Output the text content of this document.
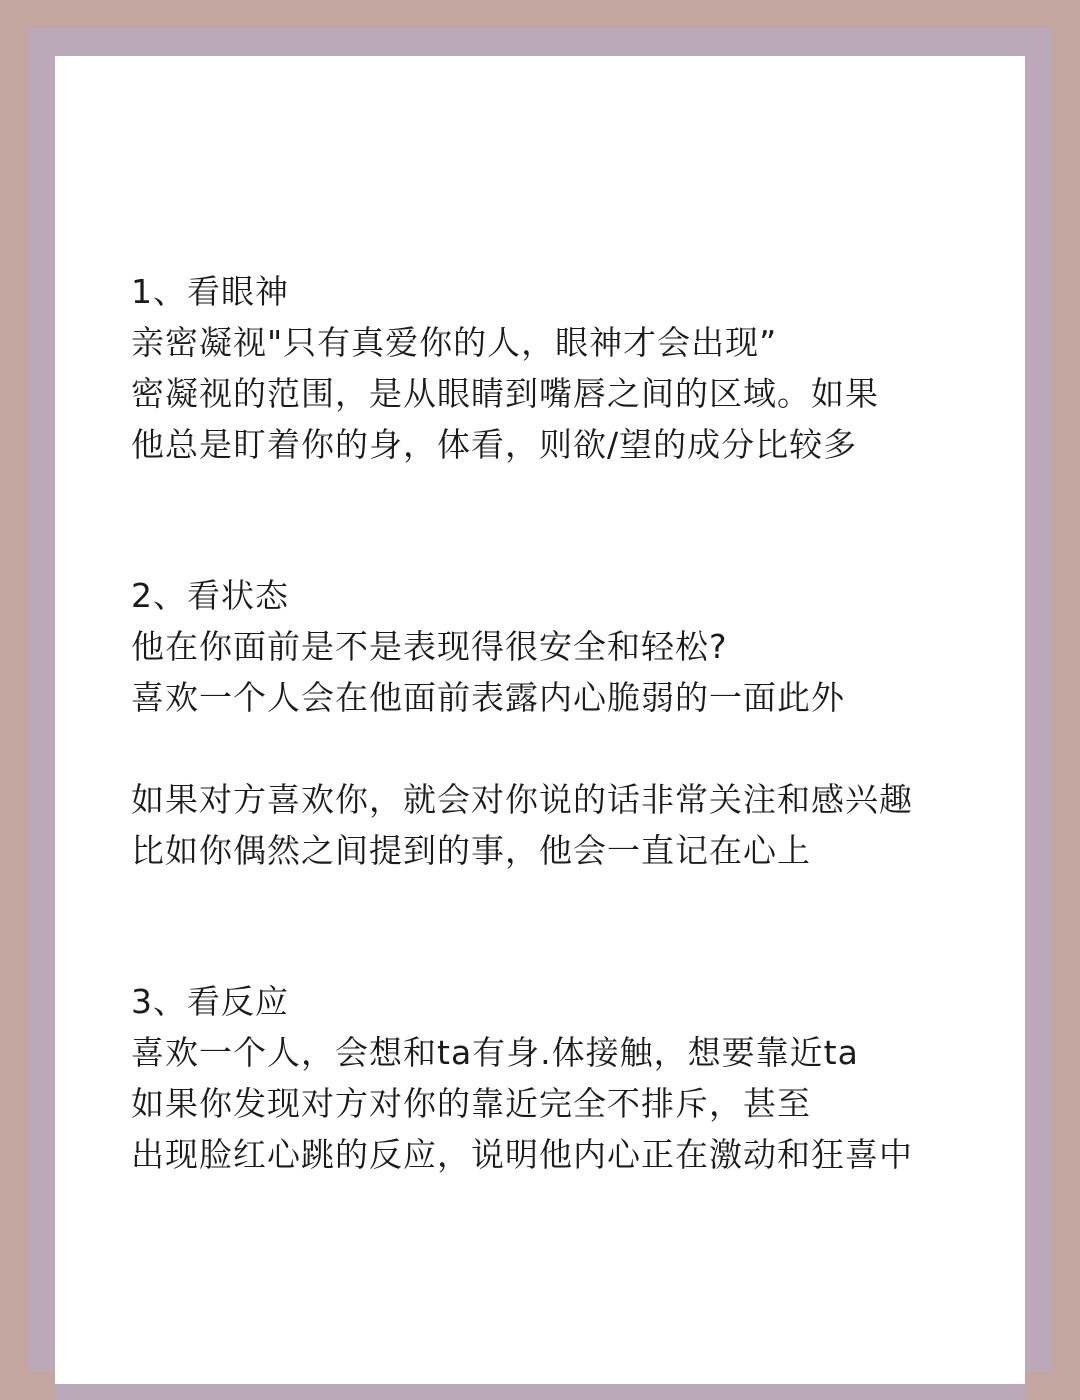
1、看眼神
亲密凝视"只有真爱你的人，眼神才会出现”
密凝视的范围，是从眼睛到嘴唇之间的区域。如果
他总是盯着你的身，体看，则欲/望的成分比较多
2、看状态
他在你面前是不是表现得很安全和轻松?
喜欢一个人会在他面前表露内心脆弱的一面此外
如果对方喜欢你，就会对你说的话非常关注和感兴趣
比如你偶然之间提到的事，他会一直记在心上
3、看反应
喜欢一个人，会想和ta有身.体接触，想要靠近ta
如果你发现对方对你的靠近完全不排斥，甚至
出现脸红心跳的反应，说明他内心正在激动和狂喜中
